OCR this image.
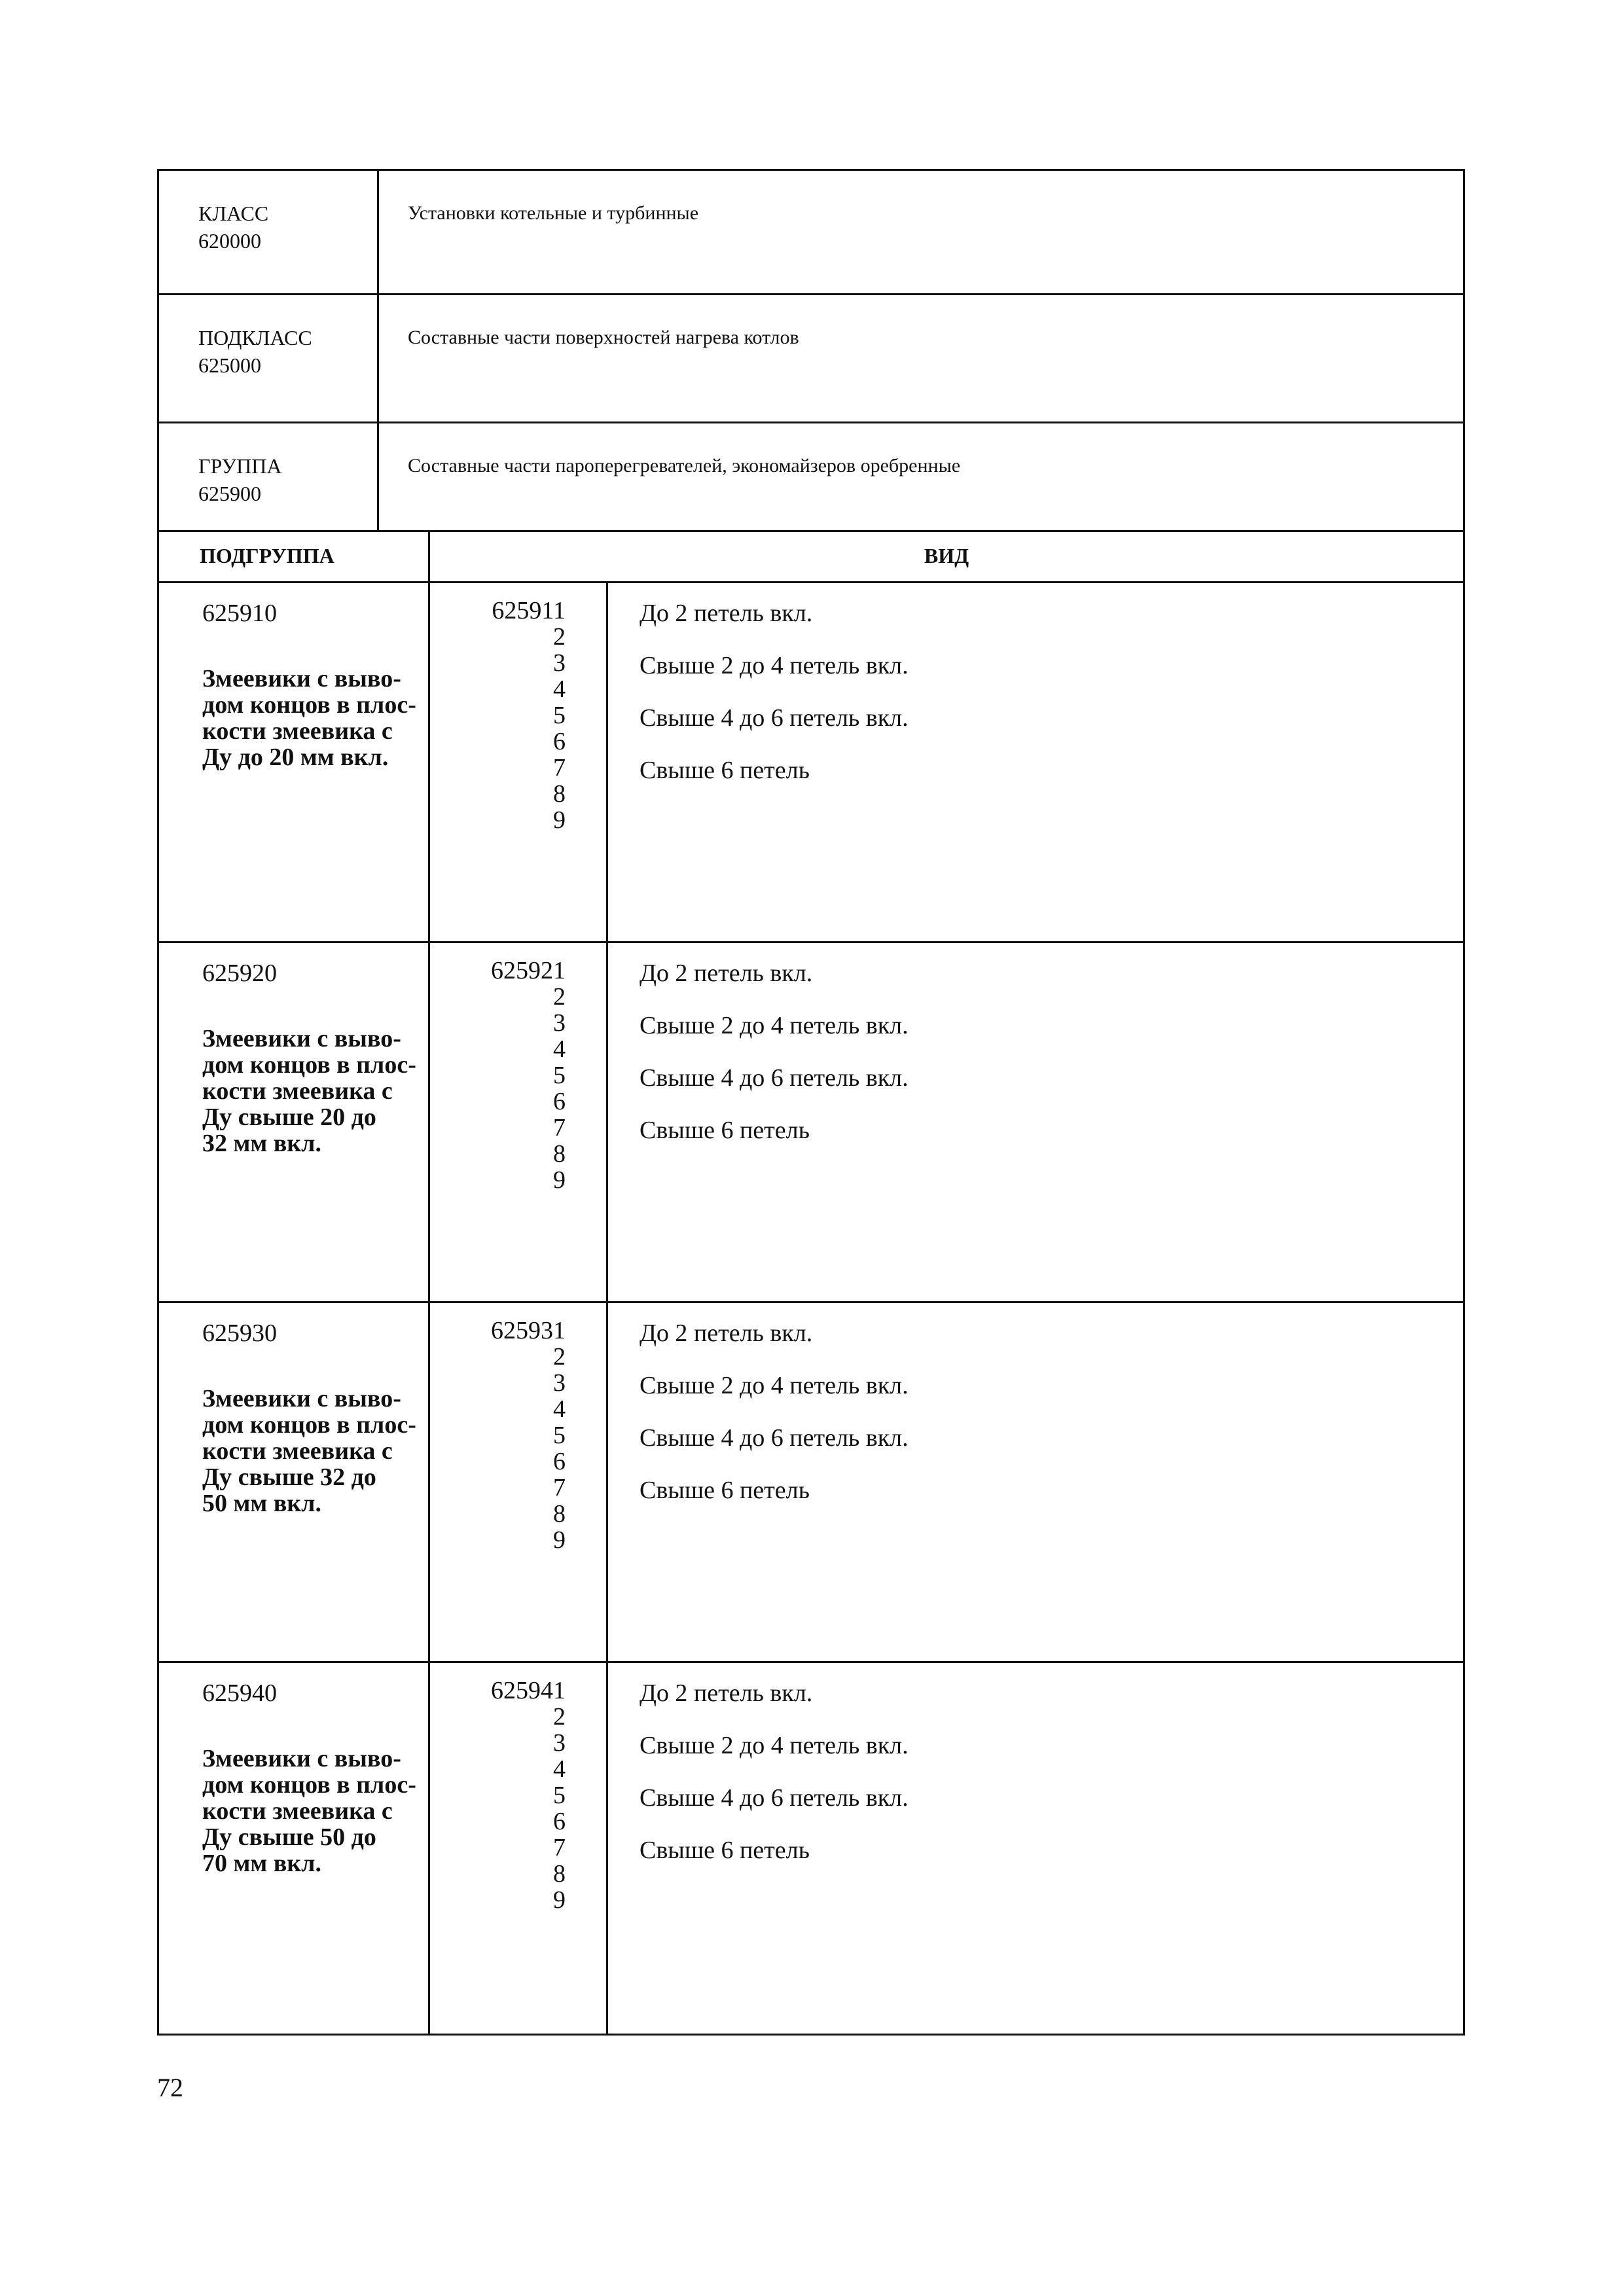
КЛАСС
620000
Установки котельные и турбинные
ПОДКЛАСС
625000
Составные части поверхностей нагрева котлов
ГРУППА
625900
Составные части пароперегревателей, экономайзеров оребренные
ПОДГРУППА	ВИД
625910
Змеевики с выво-
дом концов в плос-
кости змеевика с
Ду до 20 мм вкл.
625911
2
3
4
5
6
7
8
9
До 2 петель вкл.
Свыше 2 до 4 петель вкл.
Свыше 4 до 6 петель вкл.
Свыше 6 петель
625920
Змеевики с выво-
дом концов в плос-
кости змеевика с
Ду свыше 20 до
32 мм вкл.
625921
2
3
4
5
6
7
8
9
До 2 петель вкл.
Свыше 2 до 4 петель вкл.
Свыше 4 до 6 петель вкл.
Свыше 6 петель
625930
Змеевики с выво-
дом концов в плос-
кости змеевика с
Ду свыше 32 до
50 мм вкл.
625931
2
3
4
5
6
7
8
9
До 2 петель вкл.
Свыше 2 до 4 петель вкл.
Свыше 4 до 6 петель вкл.
Свыше 6 петель
625940
Змеевики с выво-
дом концов в плос-
кости змеевика с
Ду свыше 50 до
70 мм вкл.
625941
2
3
4
5
6
7
8
9
До 2 петель вкл.
Свыше 2 до 4 петель вкл.
Свыше 4 до 6 петель вкл.
Свыше 6 петель
72
